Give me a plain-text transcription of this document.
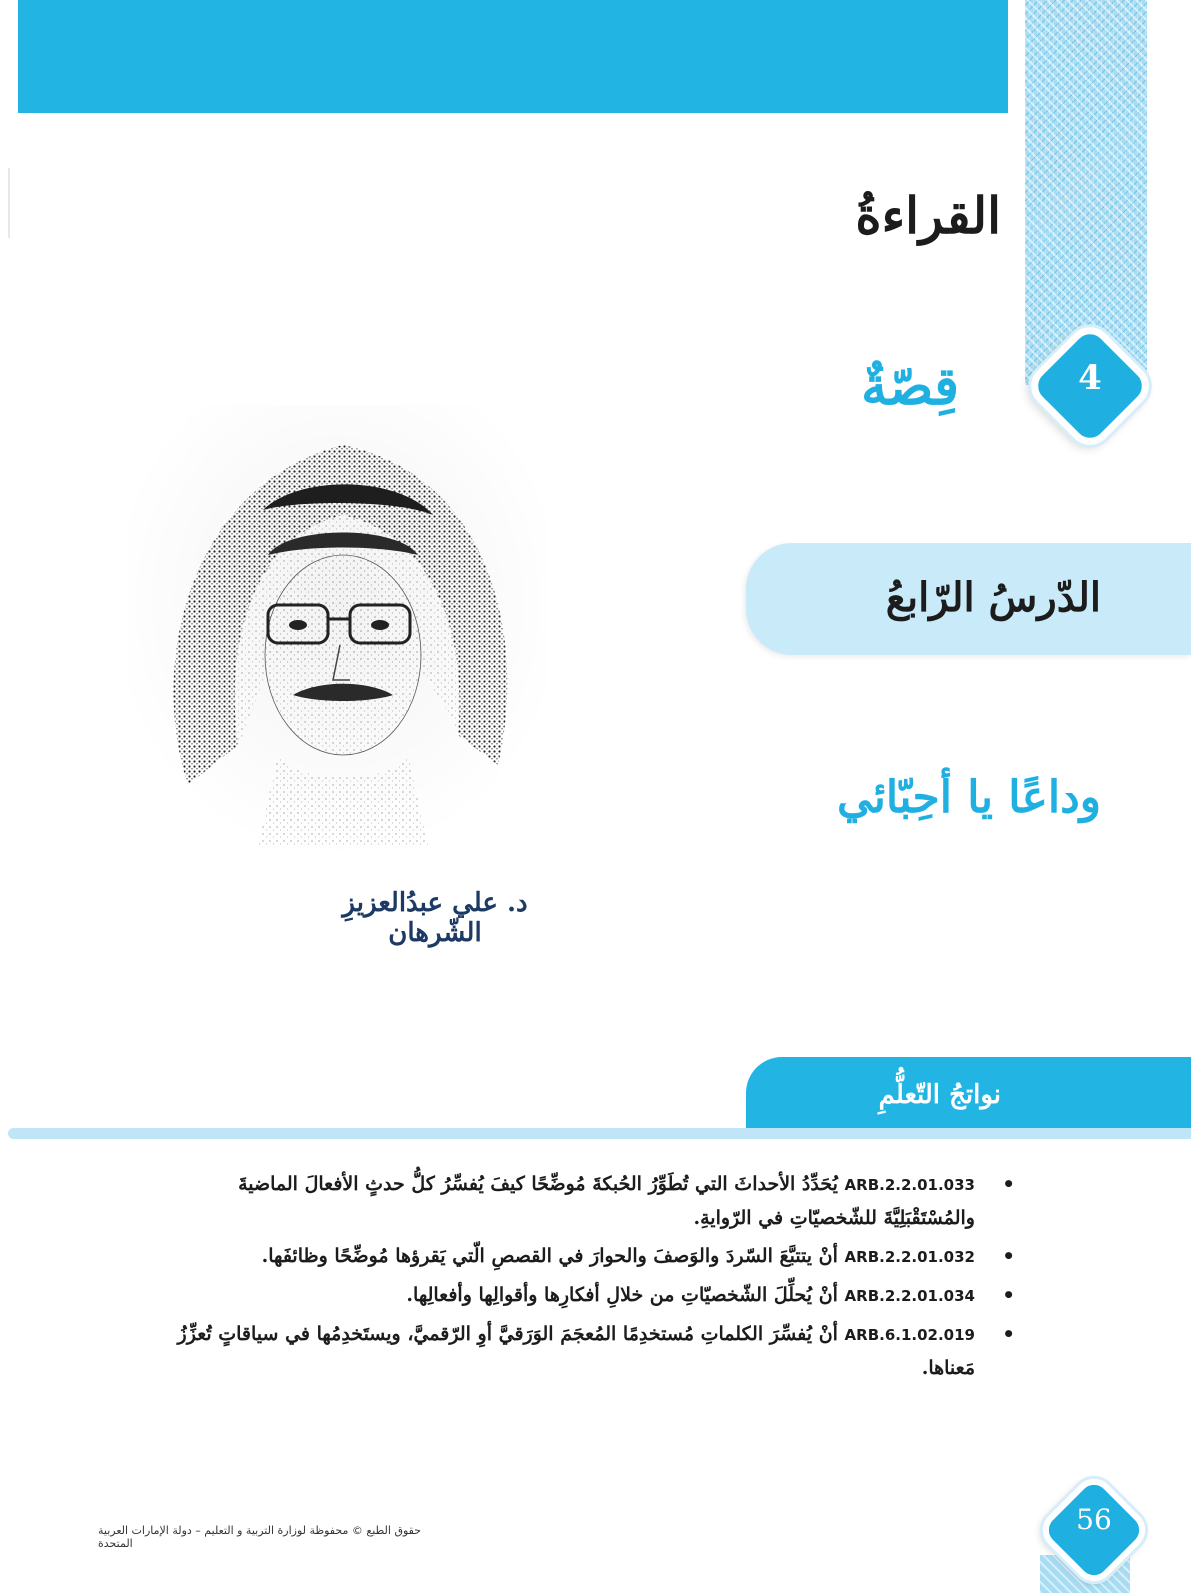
القراءةُ
4
قِصّةٌ
الدّرسُ الرّابعُ
وداعًا يا أحِبّائي
د. علي عبدُالعزيزِ الشّرهان
نواتجُ التّعلُّمِ
•
ARB.2.2.01.033 يُحَدِّدُ الأحداثَ التي تُطَوِّرُ الحُبكةَ مُوضِّحًا كيفَ يُفسِّرُ كلُّ حدثٍ الأفعالَ الماضيةَ والمُسْتَقْبَلِيَّةَ للشّخصيّاتِ في الرّوايةِ.
•
ARB.2.2.01.032 أنْ يتتبَّعَ السّردَ والوَصفَ والحوارَ في القصصِ الّتي يَقرؤها مُوضِّحًا وظائفَها.
•
ARB.2.2.01.034 أنْ يُحلِّلَ الشّخصيّاتِ من خلالِ أفكارِها وأقوالِها وأفعالِها.
•
ARB.6.1.02.019 أنْ يُفسِّرَ الكلماتِ مُستخدِمًا المُعجَمَ الوَرَقيَّ أوِ الرّقميَّ، ويستَخدِمُها في سياقاتٍ تُعزِّزُ مَعناها.
56
حقوق الطبع © محفوظة لوزارة التربية و التعليم – دولة الإمارات العربية المتحدة
